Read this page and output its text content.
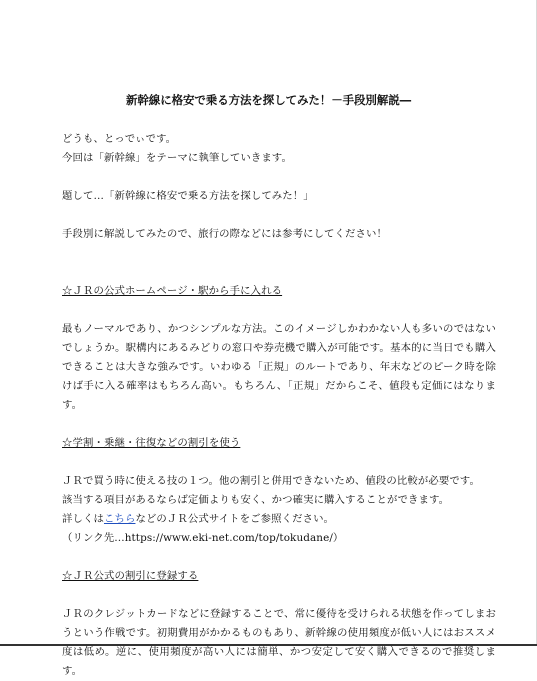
新幹線に格安で乗る方法を探してみた！－手段別解説―
どうも、とっでぃです。
今回は「新幹線」をテーマに執筆していきます。
題して…「新幹線に格安で乗る方法を探してみた！」
手段別に解説してみたので、旅行の際などには参考にしてください！
☆ＪＲの公式ホームページ・駅から手に入れる
最もノーマルであり、かつシンプルな方法。このイメージしかわかない人も多いのではないでしょうか。駅構内にあるみどりの窓口や券売機で購入が可能です。基本的に当日でも購入できることは大きな強みです。いわゆる「正規」のルートであり、年末などのピーク時を除けば手に入る確率はもちろん高い。もちろん、「正規」だからこそ、値段も定価にはなります。
☆学割・乗継・往復などの割引を使う
ＪＲで買う時に使える技の１つ。他の割引と併用できないため、値段の比較が必要です。
該当する項目があるならば定価よりも安く、かつ確実に購入することができます。
詳しくはこちらなどのＪＲ公式サイトをご参照ください。
（リンク先…https://www.eki-net.com/top/tokudane/）
☆ＪＲ公式の割引に登録する
ＪＲのクレジットカードなどに登録することで、常に優待を受けられる状態を作ってしまおうという作戦です。初期費用がかかるものもあり、新幹線の使用頻度が低い人にはおススメ度は低め。逆に、使用頻度が高い人には簡単、かつ安定して安く購入できるので推奨します。
